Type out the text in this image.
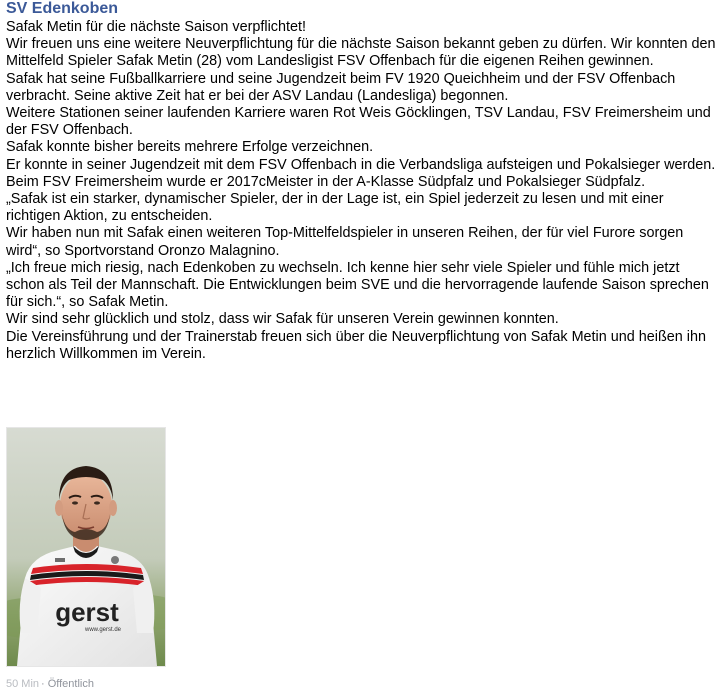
SV Edenkoben

Safak Metin für die nächste Saison verpflichtet!

Wir freuen uns eine weitere Neuverpflichtung für die nächste Saison bekannt geben zu dürfen. Wir konnten den Mittelfeld Spieler Safak Metin (28) vom Landesligist FSV Offenbach für die eigenen Reihen gewinnen.

Safak hat seine Fußballkarriere und seine Jugendzeit beim FV 1920 Queichheim und der FSV Offenbach verbracht. Seine aktive Zeit hat er bei der ASV Landau (Landesliga) begonnen.

Weitere Stationen seiner laufenden Karriere waren Rot Weis Göcklingen, TSV Landau, FSV Freimersheim und der FSV Offenbach.

Safak konnte bisher bereits mehrere Erfolge verzeichnen.

Er konnte in seiner Jugendzeit mit dem FSV Offenbach in die Verbandsliga aufsteigen und Pokalsieger werden. Beim FSV Freimersheim wurde er 2017cMeister in der A-Klasse Südpfalz und Pokalsieger Südpfalz.

„Safak ist ein starker, dynamischer Spieler, der in der Lage ist, ein Spiel jederzeit zu lesen und mit einer richtigen Aktion, zu entscheiden.

Wir haben nun mit Safak einen weiteren Top-Mittelfeldspieler in unseren Reihen, der für viel Furore sorgen wird“, so Sportvorstand Oronzo Malagnino.

„Ich freue mich riesig, nach Edenkoben zu wechseln. Ich kenne hier sehr viele Spieler und fühle mich jetzt schon als Teil der Mannschaft. Die Entwicklungen beim SVE und die hervorragende laufende Saison sprechen für sich.“, so Safak Metin.

Wir sind sehr glücklich und stolz, dass wir Safak für unseren Verein gewinnen konnten.

Die Vereinsführung und der Trainerstab freuen sich über die Neuverpflichtung von Safak Metin und heißen ihn herzlich Willkommen im Verein.

gerst
www.gerst.de
50 Min · Öffentlich
